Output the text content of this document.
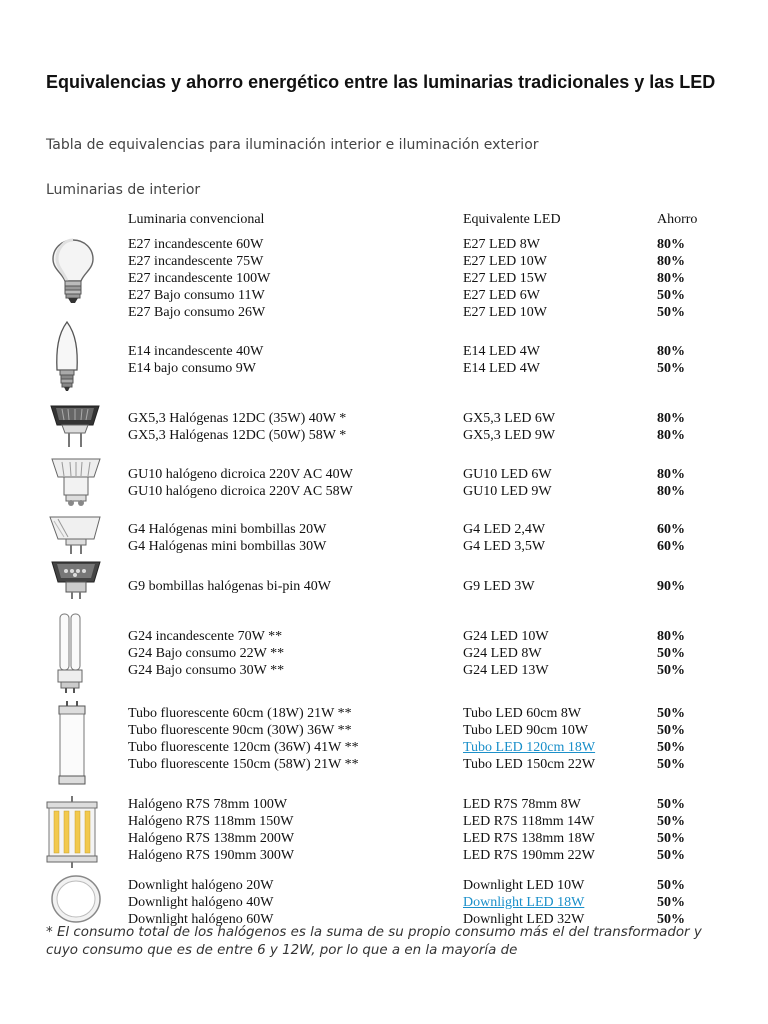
Equivalencias y ahorro energético entre las luminarias tradicionales y las LED
Tabla de equivalencias para iluminación interior e iluminación exterior
Luminarias de interior
Luminaria convencional	Equivalente LED	Ahorro
E27 incandescente 60W	E27 LED 8W	80%
E27 incandescente 75W	E27 LED 10W	80%
E27 incandescente 100W	E27 LED 15W	80%
E27 Bajo consumo 11W	E27 LED 6W	50%
E27 Bajo consumo 26W	E27 LED 10W	50%
E14 incandescente 40W	E14 LED 4W	80%
E14 bajo consumo 9W	E14 LED 4W	50%
GX5,3 Halógenas 12DC (35W) 40W *	GX5,3 LED 6W	80%
GX5,3 Halógenas 12DC (50W) 58W *	GX5,3 LED 9W	80%
GU10 halógeno dicroica 220V AC 40W	GU10 LED 6W	80%
GU10 halógeno dicroica 220V AC 58W	GU10 LED 9W	80%
G4 Halógenas mini bombillas 20W	G4 LED 2,4W	60%
G4 Halógenas mini bombillas 30W	G4 LED 3,5W	60%
G9 bombillas halógenas bi-pin 40W	G9 LED 3W	90%
G24 incandescente 70W **	G24 LED 10W	80%
G24 Bajo consumo 22W **	G24 LED 8W	50%
G24 Bajo consumo 30W **	G24 LED 13W	50%
Tubo fluorescente 60cm (18W) 21W **	Tubo LED 60cm 8W	50%
Tubo fluorescente 90cm (30W) 36W **	Tubo LED 90cm 10W	50%
Tubo fluorescente 120cm (36W) 41W **	Tubo LED 120cm 18W	50%
Tubo fluorescente 150cm (58W) 21W **	Tubo LED 150cm 22W	50%
Halógeno R7S 78mm 100W	LED R7S 78mm 8W	50%
Halógeno R7S 118mm 150W	LED R7S 118mm 14W	50%
Halógeno R7S 138mm 200W	LED R7S 138mm 18W	50%
Halógeno R7S 190mm 300W	LED R7S 190mm 22W	50%
Downlight halógeno 20W	Downlight LED 10W	50%
Downlight halógeno 40W	Downlight LED 18W	50%
Downlight halógeno 60W	Downlight LED 32W	50%

* El consumo total de los halógenos es la suma de su propio consumo más el del transformador y cuyo consumo que es de entre 6 y 12W, por lo que a en la mayoría de
